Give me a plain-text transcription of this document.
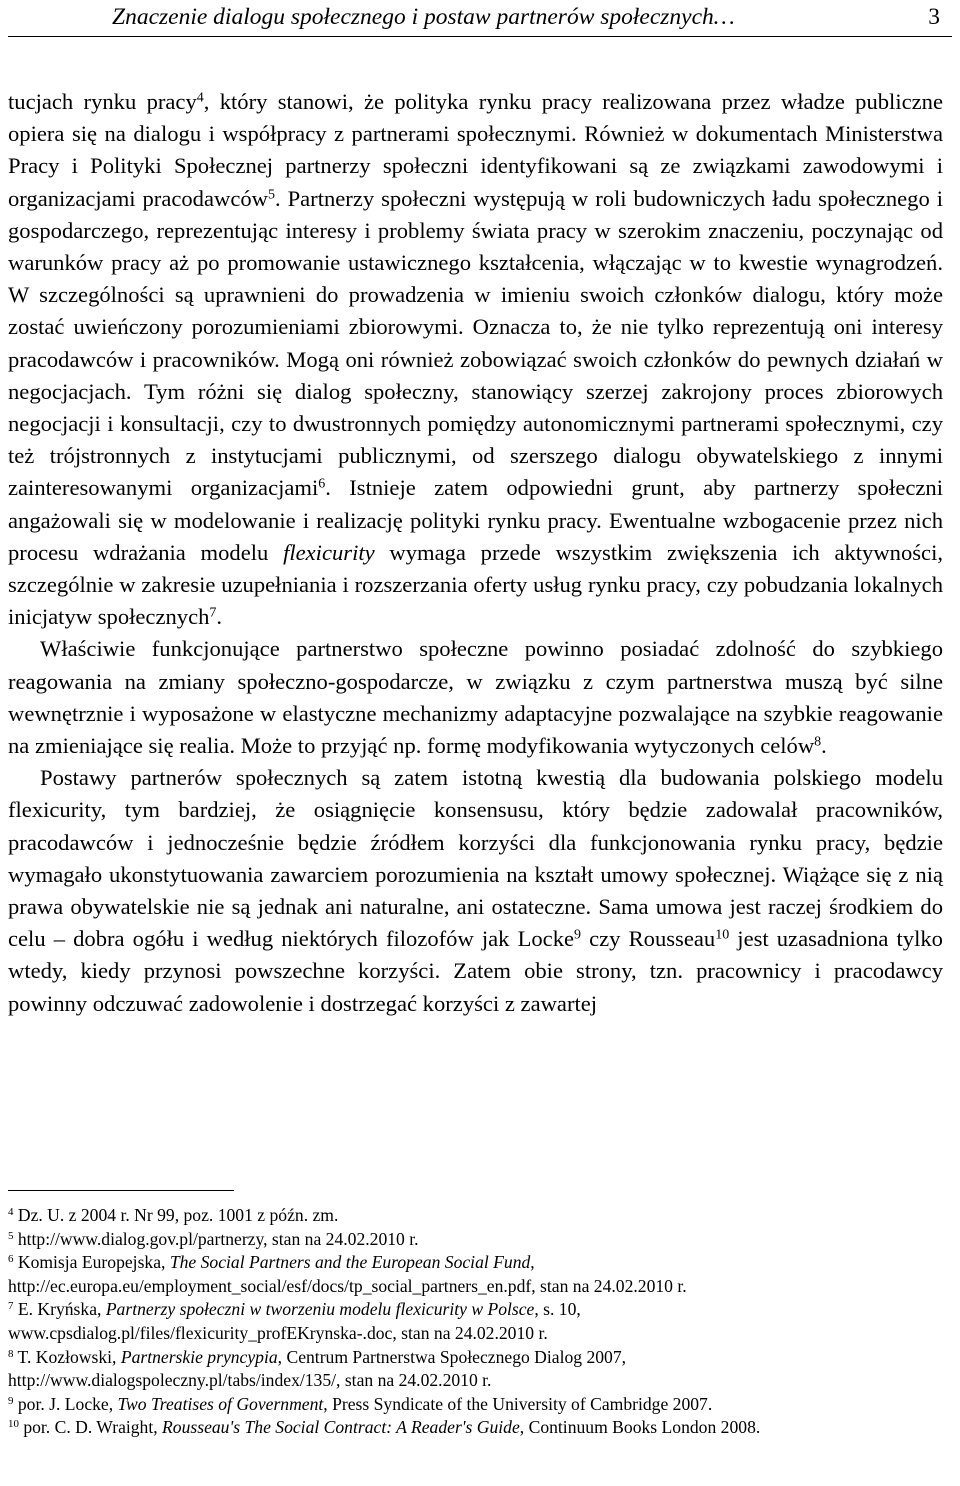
Znaczenie dialogu społecznego i postaw partnerów społecznych…	3

tucjach rynku pracy$^4$, który stanowi, że polityka rynku pracy realizowana przez władze publiczne opiera się na dialogu i współpracy z partnerami społecznymi. Również w dokumentach Ministerstwa Pracy i Polityki Społecznej partnerzy społeczni identyfikowani są ze związkami zawodowymi i organizacjami pracodawców$^5$. Partnerzy społeczni występują w roli budowniczych ładu społecznego i gospodarczego, reprezentując interesy i problemy świata pracy w szerokim znaczeniu, poczynając od warunków pracy aż po promowanie ustawicznego kształcenia, włączając w to kwestie wynagrodzeń. W szczególności są uprawnieni do prowadzenia w imieniu swoich członków dialogu, który może zostać uwieńczony porozumieniami zbiorowymi. Oznacza to, że nie tylko reprezentują oni interesy pracodawców i pracowników. Mogą oni również zobowiązać swoich członków do pewnych działań w negocjacjach. Tym różni się dialog społeczny, stanowiący szerzej zakrojony proces zbiorowych negocjacji i konsultacji, czy to dwustronnych pomiędzy autonomicznymi partnerami społecznymi, czy też trójstronnych z instytucjami publicznymi, od szerszego dialogu obywatelskiego z innymi zainteresowanymi organizacjami$^6$. Istnieje zatem odpowiedni grunt, aby partnerzy społeczni angażowali się w modelowanie i realizację polityki rynku pracy. Ewentualne wzbogacenie przez nich procesu wdrażania modelu flexicurity wymaga przede wszystkim zwiększenia ich aktywności, szczególnie w zakresie uzupełniania i rozszerzania oferty usług rynku pracy, czy pobudzania lokalnych inicjatyw społecznych$^7$.

Właściwie funkcjonujące partnerstwo społeczne powinno posiadać zdolność do szybkiego reagowania na zmiany społeczno-gospodarcze, w związku z czym partnerstwa muszą być silne wewnętrznie i wyposażone w elastyczne mechanizmy adaptacyjne pozwalające na szybkie reagowanie na zmieniające się realia. Może to przyjąć np. formę modyfikowania wytyczonych celów$^8$.

Postawy partnerów społecznych są zatem istotną kwestią dla budowania polskiego modelu flexicurity, tym bardziej, że osiągnięcie konsensusu, który będzie zadowalał pracowników, pracodawców i jednocześnie będzie źródłem korzyści dla funkcjonowania rynku pracy, będzie wymagało ukonstytuowania zawarciem porozumienia na kształt umowy społecznej. Wiążące się z nią prawa obywatelskie nie są jednak ani naturalne, ani ostateczne. Sama umowa jest raczej środkiem do celu – dobra ogółu i według niektórych filozofów jak Locke$^9$ czy Rousseau$^{10}$ jest uzasadniona tylko wtedy, kiedy przynosi powszechne korzyści. Zatem obie strony, tzn. pracownicy i pracodawcy powinny odczuwać zadowolenie i dostrzegać korzyści z zawartej

$^4$ Dz. U. z 2004 r. Nr 99, poz. 1001 z późn. zm.

$^5$ http://www.dialog.gov.pl/partnerzy, stan na 24.02.2010 r.

$^6$ Komisja Europejska, The Social Partners and the European Social Fund,
http://ec.europa.eu/employment_social/esf/docs/tp_social_partners_en.pdf, stan na 24.02.2010 r.

$^7$ E. Kryńska, Partnerzy społeczni w tworzeniu modelu flexicurity w Polsce, s. 10,
www.cpsdialog.pl/files/flexicurity_profEKrynska-.doc, stan na 24.02.2010 r.

$^8$ T. Kozłowski, Partnerskie pryncypia, Centrum Partnerstwa Społecznego Dialog 2007,
http://www.dialogspoleczny.pl/tabs/index/135/, stan na 24.02.2010 r.

$^9$ por. J. Locke, Two Treatises of Government, Press Syndicate of the University of Cambridge 2007.

$^{10}$ por. C. D. Wraight, Rousseau's The Social Contract: A Reader's Guide, Continuum Books London 2008.
